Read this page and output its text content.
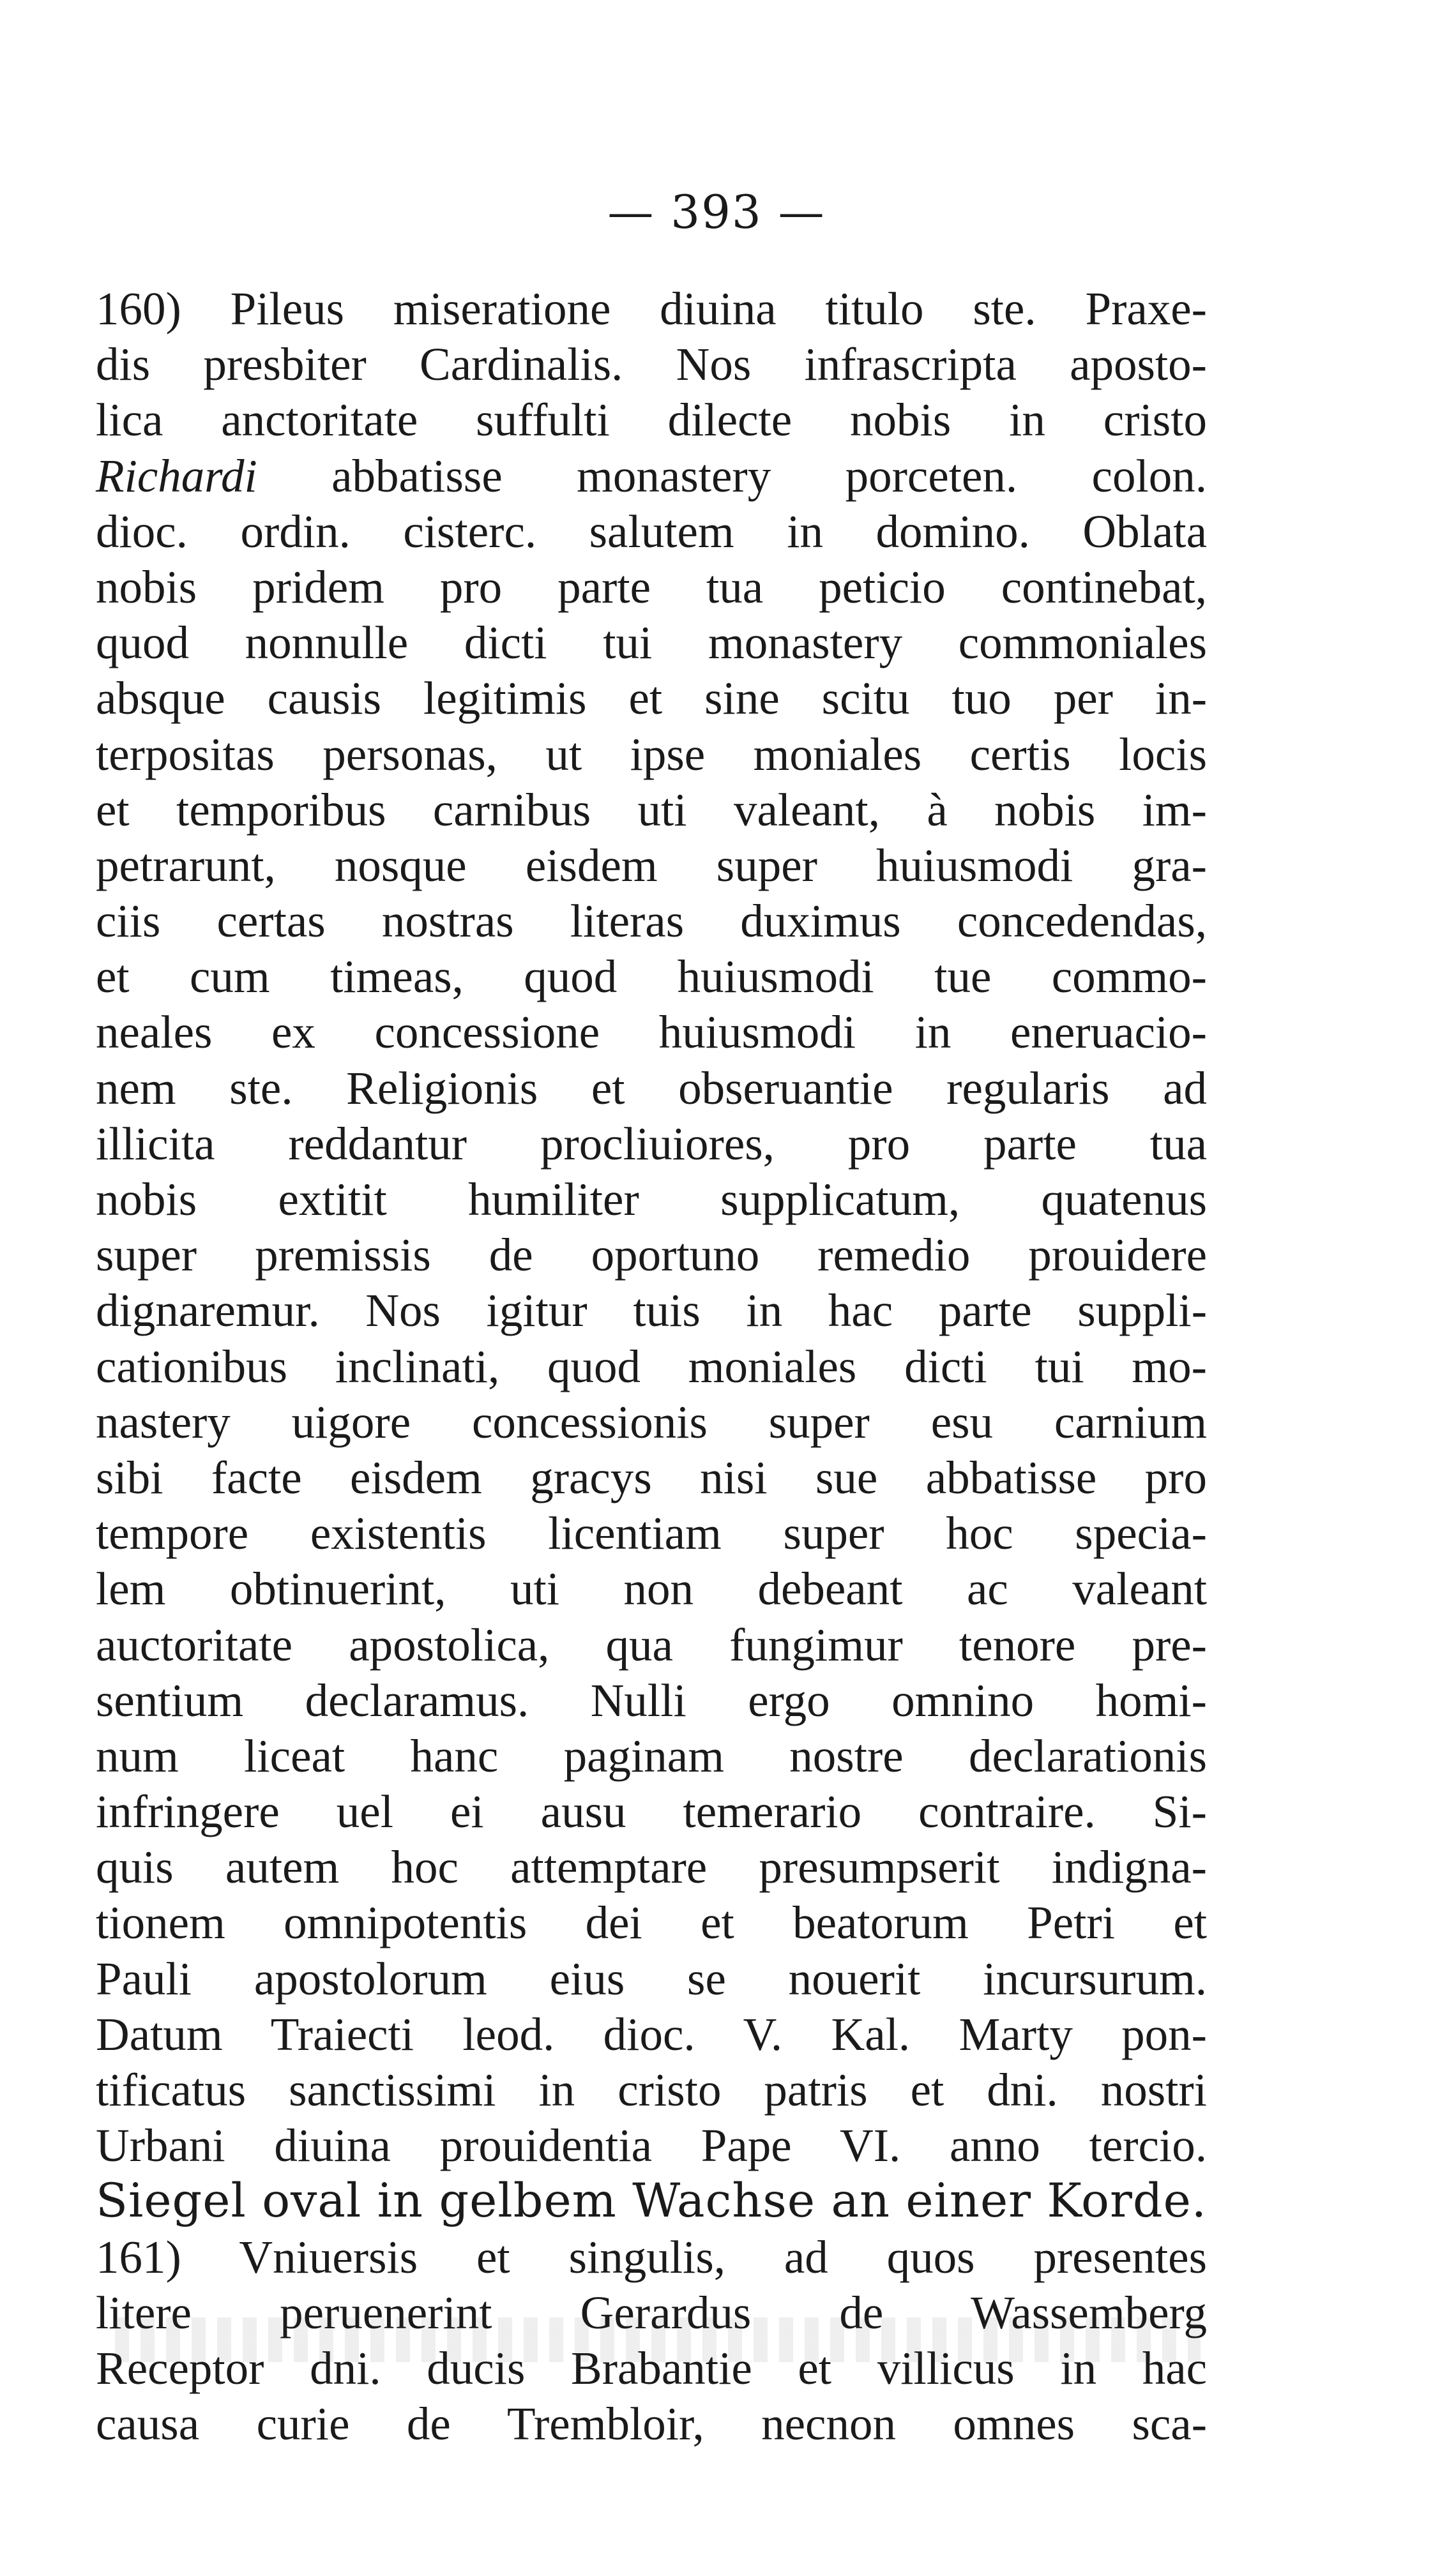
— 393 —
160) Pileus miseratione diuina titulo ste. Praxe-
dis presbiter Cardinalis. Nos infrascripta aposto-
lica anctoritate suffulti dilecte nobis in cristo
Richardi abbatisse monastery porceten. colon.
dioc. ordin. cisterc. salutem in domino. Oblata
nobis pridem pro parte tua peticio continebat,
quod nonnulle dicti tui monastery commoniales
absque causis legitimis et sine scitu tuo per in-
terpositas personas, ut ipse moniales certis locis
et temporibus carnibus uti valeant, à nobis im-
petrarunt, nosque eisdem super huiusmodi gra-
ciis certas nostras literas duximus concedendas,
et cum timeas, quod huiusmodi tue commo-
neales ex concessione huiusmodi in eneruacio-
nem ste. Religionis et obseruantie regularis ad
illicita reddantur procliuiores, pro parte tua
nobis extitit humiliter supplicatum, quatenus
super premissis de oportuno remedio prouidere
dignaremur. Nos igitur tuis in hac parte suppli-
cationibus inclinati, quod moniales dicti tui mo-
nastery uigore concessionis super esu carnium
sibi facte eisdem gracys nisi sue abbatisse pro
tempore existentis licentiam super hoc specia-
lem obtinuerint, uti non debeant ac valeant
auctoritate apostolica, qua fungimur tenore pre-
sentium declaramus. Nulli ergo omnino homi-
num liceat hanc paginam nostre declarationis
infringere uel ei ausu temerario contraire. Si-
quis autem hoc attemptare presumpserit indigna-
tionem omnipotentis dei et beatorum Petri et
Pauli apostolorum eius se nouerit incursurum.
Datum Traiecti leod. dioc. V. Kal. Marty pon-
tificatus sanctissimi in cristo patris et dni. nostri
Urbani diuina prouidentia Pape VI. anno tercio.
Siegel oval in gelbem Wachse an einer Korde.
161) Vniuersis et singulis, ad quos presentes
litere peruenerint Gerardus de Wassemberg
Receptor dni. ducis Brabantie et villicus in hac
causa curie de Trembloir, necnon omnes sca-
